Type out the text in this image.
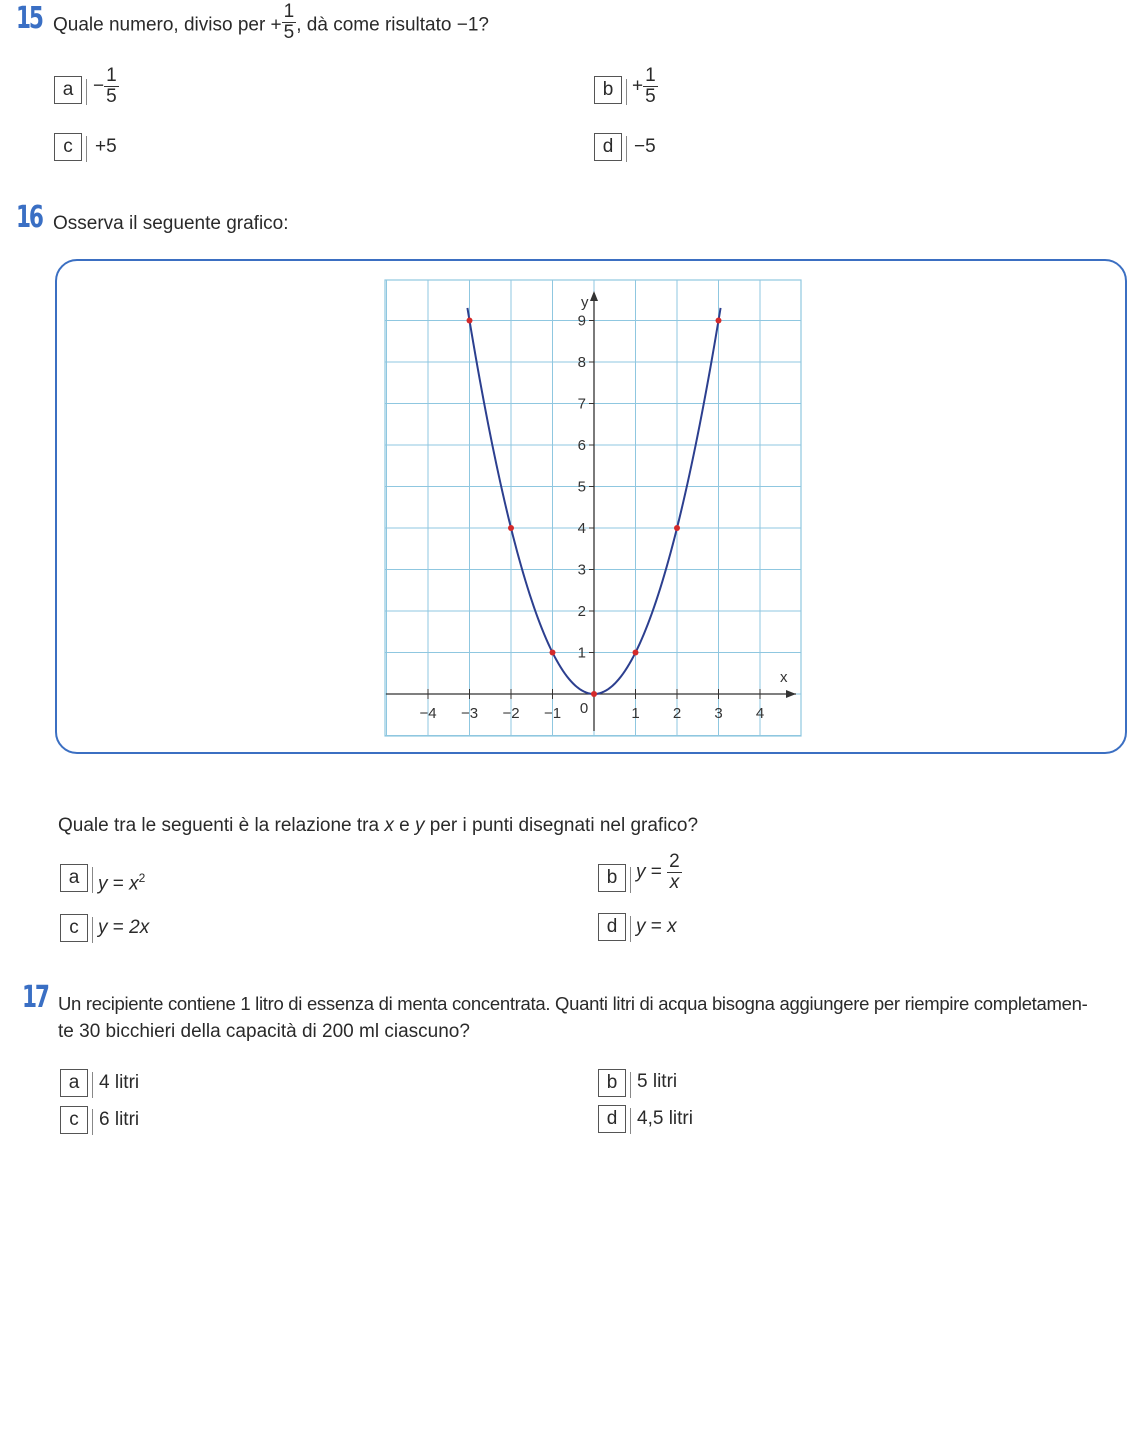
15 Quale numero, diviso per + $\frac{1}{5}$ , dà come risultato −1?
a	− $\frac{1}{5}$	$b + \frac{1}{5}$
c	+5	d	−5
16 Osserva il seguente grafico:
x
y
−4 −3 −2 −1	1 2 3 4
1
2
3
4
5
6
7
8
9
0
Quale tra le seguenti è la relazione tra x e y per i punti disegnati nel grafico?
a $y = x^2$	b $y = \frac{2}{x}$
c	y = 2x	d y = x
17 Un recipiente contiene 1 litro di essenza di menta concentrata. Quanti litri di acqua bisogna aggiungere per riempire completamen-
te 30 bicchieri della capacità di 200 ml ciascuno?
a	4 litri	b	5 litri
c	6 litri	d	4,5 litri
